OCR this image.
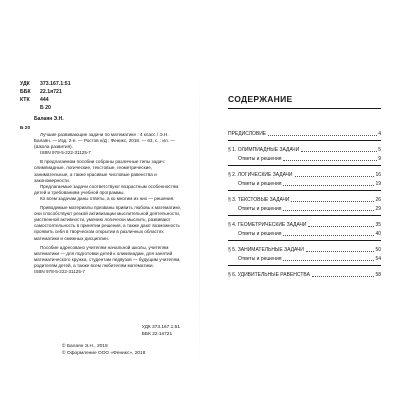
УДК 373.167.1:51
ББК 22.1я721
КТК 444
Б 20
Балаян Э.Н.
Б 20

Лучшие развивающие задачи по математике : 4 класс / Э.Н. Балаян. — Изд. 2-е. — Ростов н/Д : Феникс, 2018. — 63, с. : ил. — (Школа развития).

ISBN 978-5-222-31125-7

В предлагаемом пособии собраны различные типы задач: олимпиадные, логические, текстовые, геометрические, занимательные, а также красивые числовые равенства и закономерности.

Предлагаемые задачи соответствуют возрастным особенностям детей и требованиям учебной программы.

Ко всем задачам даны ответы, а ко многим из них — решения.

Приводимые материалы призваны привить любовь к математике, они способствуют резкой активизации мыслительной деятельности, умственной активности, умению логически мыслить, развивают самостоятельность в принятии решения, а также дают возможность проявить себя в творческом открытии в различных областях математики и смежных дисциплин.

Пособие адресовано учителям начальной школы, учителям математики — для подготовки детей к олимпиадам, для занятий математического кружка, студентам педвузов — будущим учителям, родителям детей, а также всем любителям математики.

ISBN 978-5-222-31125-7

УДК 373.167.1:51
ББК 22.1я721
© Балаян Э.Н., 2018
© Оформление ООО «Феникс», 2018
СОДЕРЖАНИЕ
ПРЕДИСЛОВИЕ	4
§ 1. ОЛИМПИАДНЫЕ ЗАДАЧИ	5
Ответы и решения	9
§ 2. ЛОГИЧЕСКИЕ ЗАДАЧИ	16
Ответы и решения	19
§ 3. ТЕКСТОВЫЕ ЗАДАЧИ	26
Ответы и решения	29
§ 4. ГЕОМЕТРИЧЕСКИЕ ЗАДАЧИ	35
Ответы и решения	40
§ 5. ЗАНИМАТЕЛЬНЫЕ ЗАДАЧИ	50
Ответы и решения	54
§ 6. УДИВИТЕЛЬНЫЕ РАВЕНСТВА	58
